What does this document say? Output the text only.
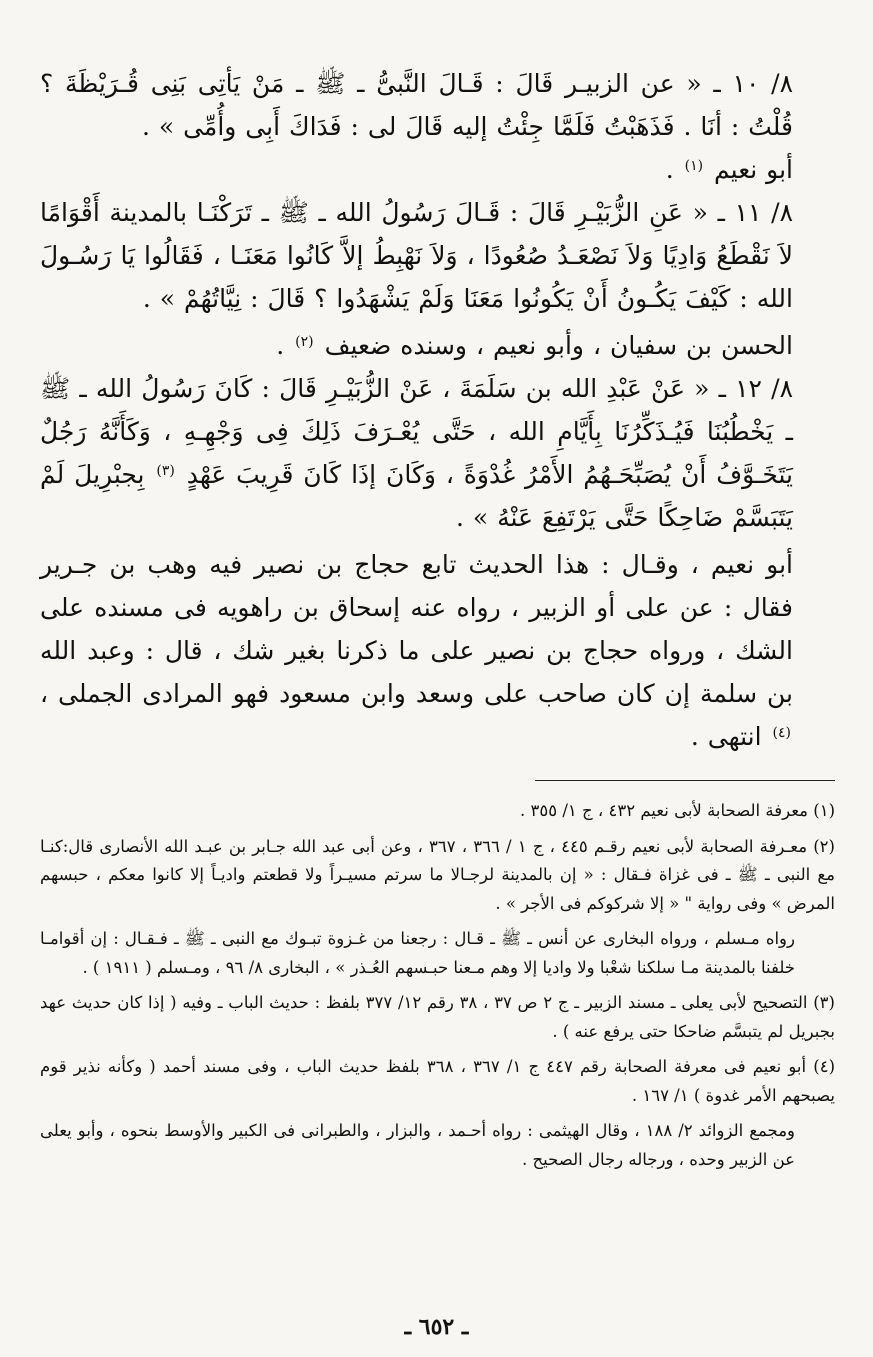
٨/ ١٠ ـ « عن الزبيـر قَالَ : قَـالَ النَّبىُّ ـ ﷺ ـ مَنْ يَأتِى بَنِى قُـرَيْظَةَ ؟ قُلْتُ : أنَا . فَذَهَبْتُ فَلَمَّا جِئْتُ إليه قَالَ لى : فَدَاكَ أَبِى وأُمِّى » .

أبو نعيم $^{(١)}$ .

٨/ ١١ ـ « عَنِ الزُّبَيْـرِ قَالَ : قَـالَ رَسُولُ الله ـ ﷺ ـ تَرَكْنَـا بالمدينة أَقْوَامًا لاَ نَقْطَعُ وَادِيًا وَلاَ نَصْعَـدُ صُعُودًا ، وَلاَ نَهْبِطُ إلاَّ كَانُوا مَعَنَـا ، فَقَالُوا يَا رَسُـولَ الله : كَيْفَ يَكُـونُ أَنْ يَكُونُوا مَعَنَا وَلَمْ يَشْهَدُوا ؟ قَالَ : نِيَّاتُهُمْ » .

الحسن بن سفيان ، وأبو نعيم ، وسنده ضعيف $^{(٢)}$ .

٨/ ١٢ ـ « عَنْ عَبْدِ الله بن سَلَمَةَ ، عَنْ الزُّبَيْـرِ قَالَ : كَانَ رَسُولُ الله ـ ﷺ ـ يَخْطُبُنَا فَيُـذَكِّرُنَا بِأَيَّامِ الله ، حَتَّى يُعْـرَفَ ذَلِكَ فِى وَجْهِـهِ ، وَكَأَنَّهُ رَجُلٌ يَتَخَـوَّفُ أَنْ يُصَبِّحَـهُمُ الأَمْرُ غُدْوَةً ، وَكَانَ إذَا كَانَ قَرِيبَ عَهْدٍ $^{(٣)}$ بِجبْرِيلَ لَمْ يَتَبَسَّمْ ضَاحِكًا حَتَّى يَرْتَفِعَ عَنْهُ » .

أبو نعيم ، وقـال : هذا الحديث تابع حجاج بن نصير فيه وهب بن جـرير فقال : عن على أو الزبير ، رواه عنه إسحاق بن راهويه فى مسنده على الشك ، ورواه حجاج بن نصير على ما ذكرنا بغير شك ، قال : وعبد الله بن سلمة إن كان صاحب على وسعد وابن مسعود فهو المرادى الجملى ، $^{(٤)}$ انتهى .

(١) معرفة الصحابة لأبى نعيم ٤٣٢ ، ج ١/ ٣٥٥ .

(٢) معـرفة الصحابة لأبى نعيم رقـم ٤٤٥ ، ج ١ / ٣٦٦ ، ٣٦٧ ، وعن أبى عبد الله جـابر بن عبـد الله الأنصارى قال:كنـا مع النبى ـ ﷺ ـ فى غزاة فـقال : « إن بالمدينة لرجـالا ما سرتم مسيـراً ولا قطعتم واديـاً إلا كانوا معكم ، حبسهم المرض » وفى رواية " « إلا شركوكم فى الأجر » .

رواه مـسلم ، ورواه البخارى عن أنس ـ ﷺ ـ قـال : رجعنا من غـزوة تبـوك مع النبى ـ ﷺ ـ فـقـال : إن أقوامـا خلفنا بالمدينة مـا سلكنا شعْبا ولا واديا إلا وهم مـعنا حبـسهم العُـذر » ، البخارى ٨/ ٩٦ ، ومـسلم ( ١٩١١ ) .

(٣) التصحيح لأبى يعلى ـ مسند الزبير ـ ج ٢ ص ٣٧ ، ٣٨ رقم ١٢/ ٣٧٧ بلفظ : حديث الباب ـ وفيه ( إذا كان حديث عهد بجبريل لم يتبسَّم ضاحكا حتى يرفع عنه ) .

(٤) أبو نعيم فى معرفة الصحابة رقم ٤٤٧ ج ١/ ٣٦٧ ، ٣٦٨ بلفظ حديث الباب ، وفى مسند أحمد ( وكأنه نذير قوم يصبحهم الأمر غدوة ) ١/ ١٦٧ .

ومجمع الزوائد ٢/ ١٨٨ ، وقال الهيثمى : رواه أحـمد ، والبزار ، والطبرانى فى الكبير والأوسط بنحوه ، وأبو يعلى عن الزبير وحده ، ورجاله رجال الصحيح .

ـ ٦٥٢ ـ
